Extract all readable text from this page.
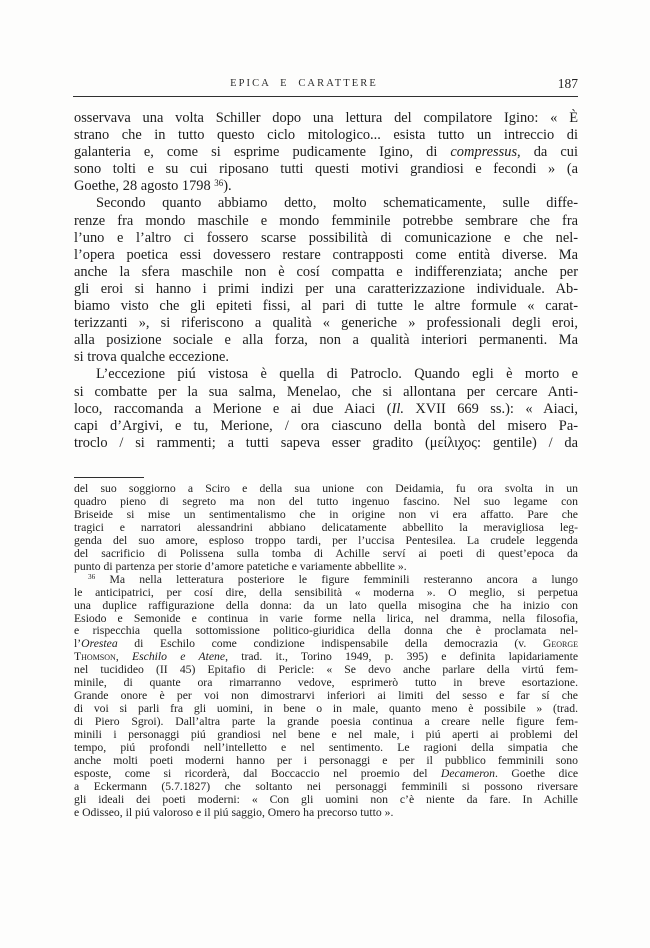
EPICA E CARATTERE	187
osservava una volta Schiller dopo una lettura del compilatore Igino: « È
strano che in tutto questo ciclo mitologico... esista tutto un intreccio di
galanteria e, come si esprime pudicamente Igino, di compressus, da cui
sono tolti e su cui riposano tutti questi motivi grandiosi e fecondi » (a
Goethe, 28 agosto 1798 $^{36}$).
Secondo quanto abbiamo detto, molto schematicamente, sulle diffe-
renze fra mondo maschile e mondo femminile potrebbe sembrare che fra
l’uno e l’altro ci fossero scarse possibilità di comunicazione e che nel-
l’opera poetica essi dovessero restare contrapposti come entità diverse. Ma
anche la sfera maschile non è cosí compatta e indifferenziata; anche per
gli eroi si hanno i primi indizi per una caratterizzazione individuale. Ab-
biamo visto che gli epiteti fissi, al pari di tutte le altre formule « carat-
terizzanti », si riferiscono a qualità « generiche » professionali degli eroi,
alla posizione sociale e alla forza, non a qualità interiori permanenti. Ma
si trova qualche eccezione.
L’eccezione piú vistosa è quella di Patroclo. Quando egli è morto e
si combatte per la sua salma, Menelao, che si allontana per cercare Anti-
loco, raccomanda a Merione e ai due Aiaci (Il. XVII 669 ss.): « Aiaci,
capi d’Argivi, e tu, Merione, / ora ciascuno della bontà del misero Pa-
troclo / si rammenti; a tutti sapeva esser gradito (μείλιχος: gentile) / da
del suo soggiorno a Sciro e della sua unione con Deidamia, fu ora svolta in un
quadro pieno di segreto ma non del tutto ingenuo fascino. Nel suo legame con
Briseide si mise un sentimentalismo che in origine non vi era affatto. Pare che
tragici e narratori alessandrini abbiano delicatamente abbellito la meravigliosa leg-
genda del suo amore, esploso troppo tardi, per l’uccisa Pentesilea. La crudele leggenda
del sacrificio di Polissena sulla tomba di Achille serví ai poeti di quest’epoca da
punto di partenza per storie d’amore patetiche e variamente abbellite ».
$^{36}$ Ma nella letteratura posteriore le figure femminili resteranno ancora a lungo
le anticipatrici, per cosí dire, della sensibilità « moderna ». O meglio, si perpetua
una duplice raffigurazione della donna: da un lato quella misogina che ha inizio con
Esiodo e Semonide e continua in varie forme nella lirica, nel dramma, nella filosofia,
e rispecchia quella sottomissione politico-giuridica della donna che è proclamata nel-
l’Orestea di Eschilo come condizione indispensabile della democrazia (v. George
Thomson, Eschilo e Atene, trad. it., Torino 1949, p. 395) e definita lapidariamente
nel tucidideo (II 45) Epitafio di Pericle: « Se devo anche parlare della virtú fem-
minile, di quante ora rimarranno vedove, esprimerò tutto in breve esortazione.
Grande onore è per voi non dimostrarvi inferiori ai limiti del sesso e far sí che
di voi si parli fra gli uomini, in bene o in male, quanto meno è possibile » (trad.
di Piero Sgroi). Dall’altra parte la grande poesia continua a creare nelle figure fem-
minili i personaggi piú grandiosi nel bene e nel male, i piú aperti ai problemi del
tempo, piú profondi nell’intelletto e nel sentimento. Le ragioni della simpatia che
anche molti poeti moderni hanno per i personaggi e per il pubblico femminili sono
esposte, come si ricorderà, dal Boccaccio nel proemio del Decameron. Goethe dice
a Eckermann (5.7.1827) che soltanto nei personaggi femminili si possono riversare
gli ideali dei poeti moderni: « Con gli uomini non c’è niente da fare. In Achille
e Odisseo, il piú valoroso e il piú saggio, Omero ha precorso tutto ».
